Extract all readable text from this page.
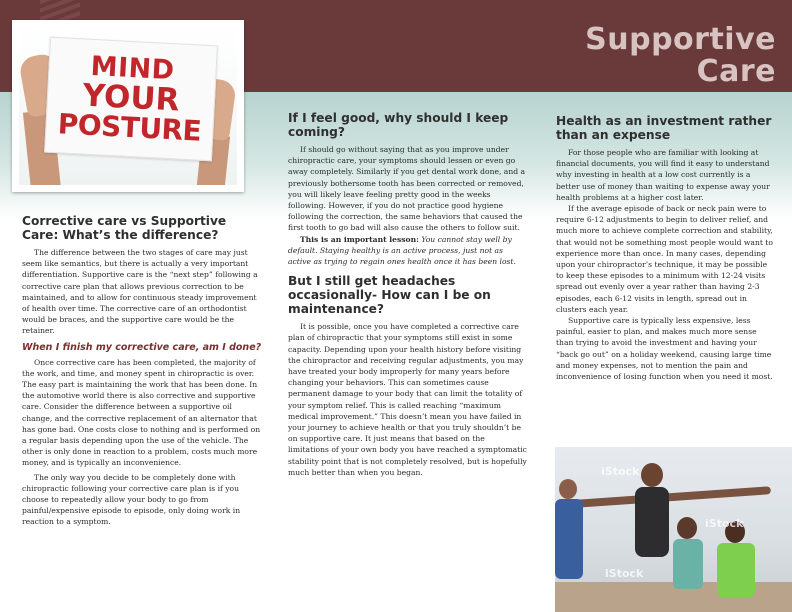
Supportive
Care
MIND
YOUR
POSTURE
Corrective care vs Supportive Care: What’s the difference?

The difference between the two stages of care may just seem like semantics, but there is actually a very important differentiation. Supportive care is the “next step” following a corrective care plan that allows previous correction to be maintained, and to allow for continuous steady improvement of health over time. The corrective care of an orthodontist would be braces, and the supportive care would be the retainer.

When I finish my corrective care, am I done?

Once corrective care has been completed, the majority of the work, and time, and money spent in chiropractic is over. The easy part is maintaining the work that has been done. In the automotive world there is also corrective and supportive care. Consider the difference between a supportive oil change, and the corrective replacement of an alternator that has gone bad. One costs close to nothing and is performed on a regular basis depending upon the use of the vehicle. The other is only done in reaction to a problem, costs much more money, and is typically an inconvenience.

The only way you decide to be completely done with chiropractic following your corrective care plan is if you choose to repeatedly allow your body to go from painful/expensive episode to episode, only doing work in reaction to a symptom.

If I feel good, why should I keep coming?

If should go without saying that as you improve under chiropractic care, your symptoms should lessen or even go away completely. Similarly if you get dental work done, and a previously bothersome tooth has been corrected or removed, you will likely leave feeling pretty good in the weeks following. However, if you do not practice good hygiene following the correction, the same behaviors that caused the first tooth to go bad will also cause the others to follow suit.

This is an important lesson: You cannot stay well by default. Staying healthy is an active process, just not as active as trying to regain ones health once it has been lost.

But I still get headaches occasionally- How can I be on maintenance?

It is possible, once you have completed a corrective care plan of chiropractic that your symptoms still exist in some capacity. Depending upon your health history before visiting the chiropractor and receiving regular adjustments, you may have treated your body improperly for many years before changing your behaviors. This can sometimes cause permanent damage to your body that can limit the totality of your symptom relief. This is called reaching “maximum medical improvement.” This doesn’t mean you have failed in your journey to achieve health or that you truly shouldn’t be on supportive care. It just means that based on the limitations of your own body you have reached a symptomatic stability point that is not completely resolved, but is hopefully much better than when you began.

Health as an investment rather than an expense

For those people who are familiar with looking at financial documents, you will find it easy to understand why investing in health at a low cost currently is a better use of money than waiting to expense away your health problems at a higher cost later.

If the average episode of back or neck pain were to require 6-12 adjustments to begin to deliver relief, and much more to achieve complete correction and stability, that would not be something most people would want to experience more than once. In many cases, depending upon your chiropractor’s technique, it may be possible to keep these episodes to a minimum with 12-24 visits spread out evenly over a year rather than having 2-3 episodes, each 6-12 visits in length, spread out in clusters each year.

Supportive care is typically less expensive, less painful, easier to plan, and makes much more sense than trying to avoid the investment and having your “back go out” on a holiday weekend, causing large time and money expenses, not to mention the pain and inconvenience of losing function when you need it most.

iStock
iStock
iStock
